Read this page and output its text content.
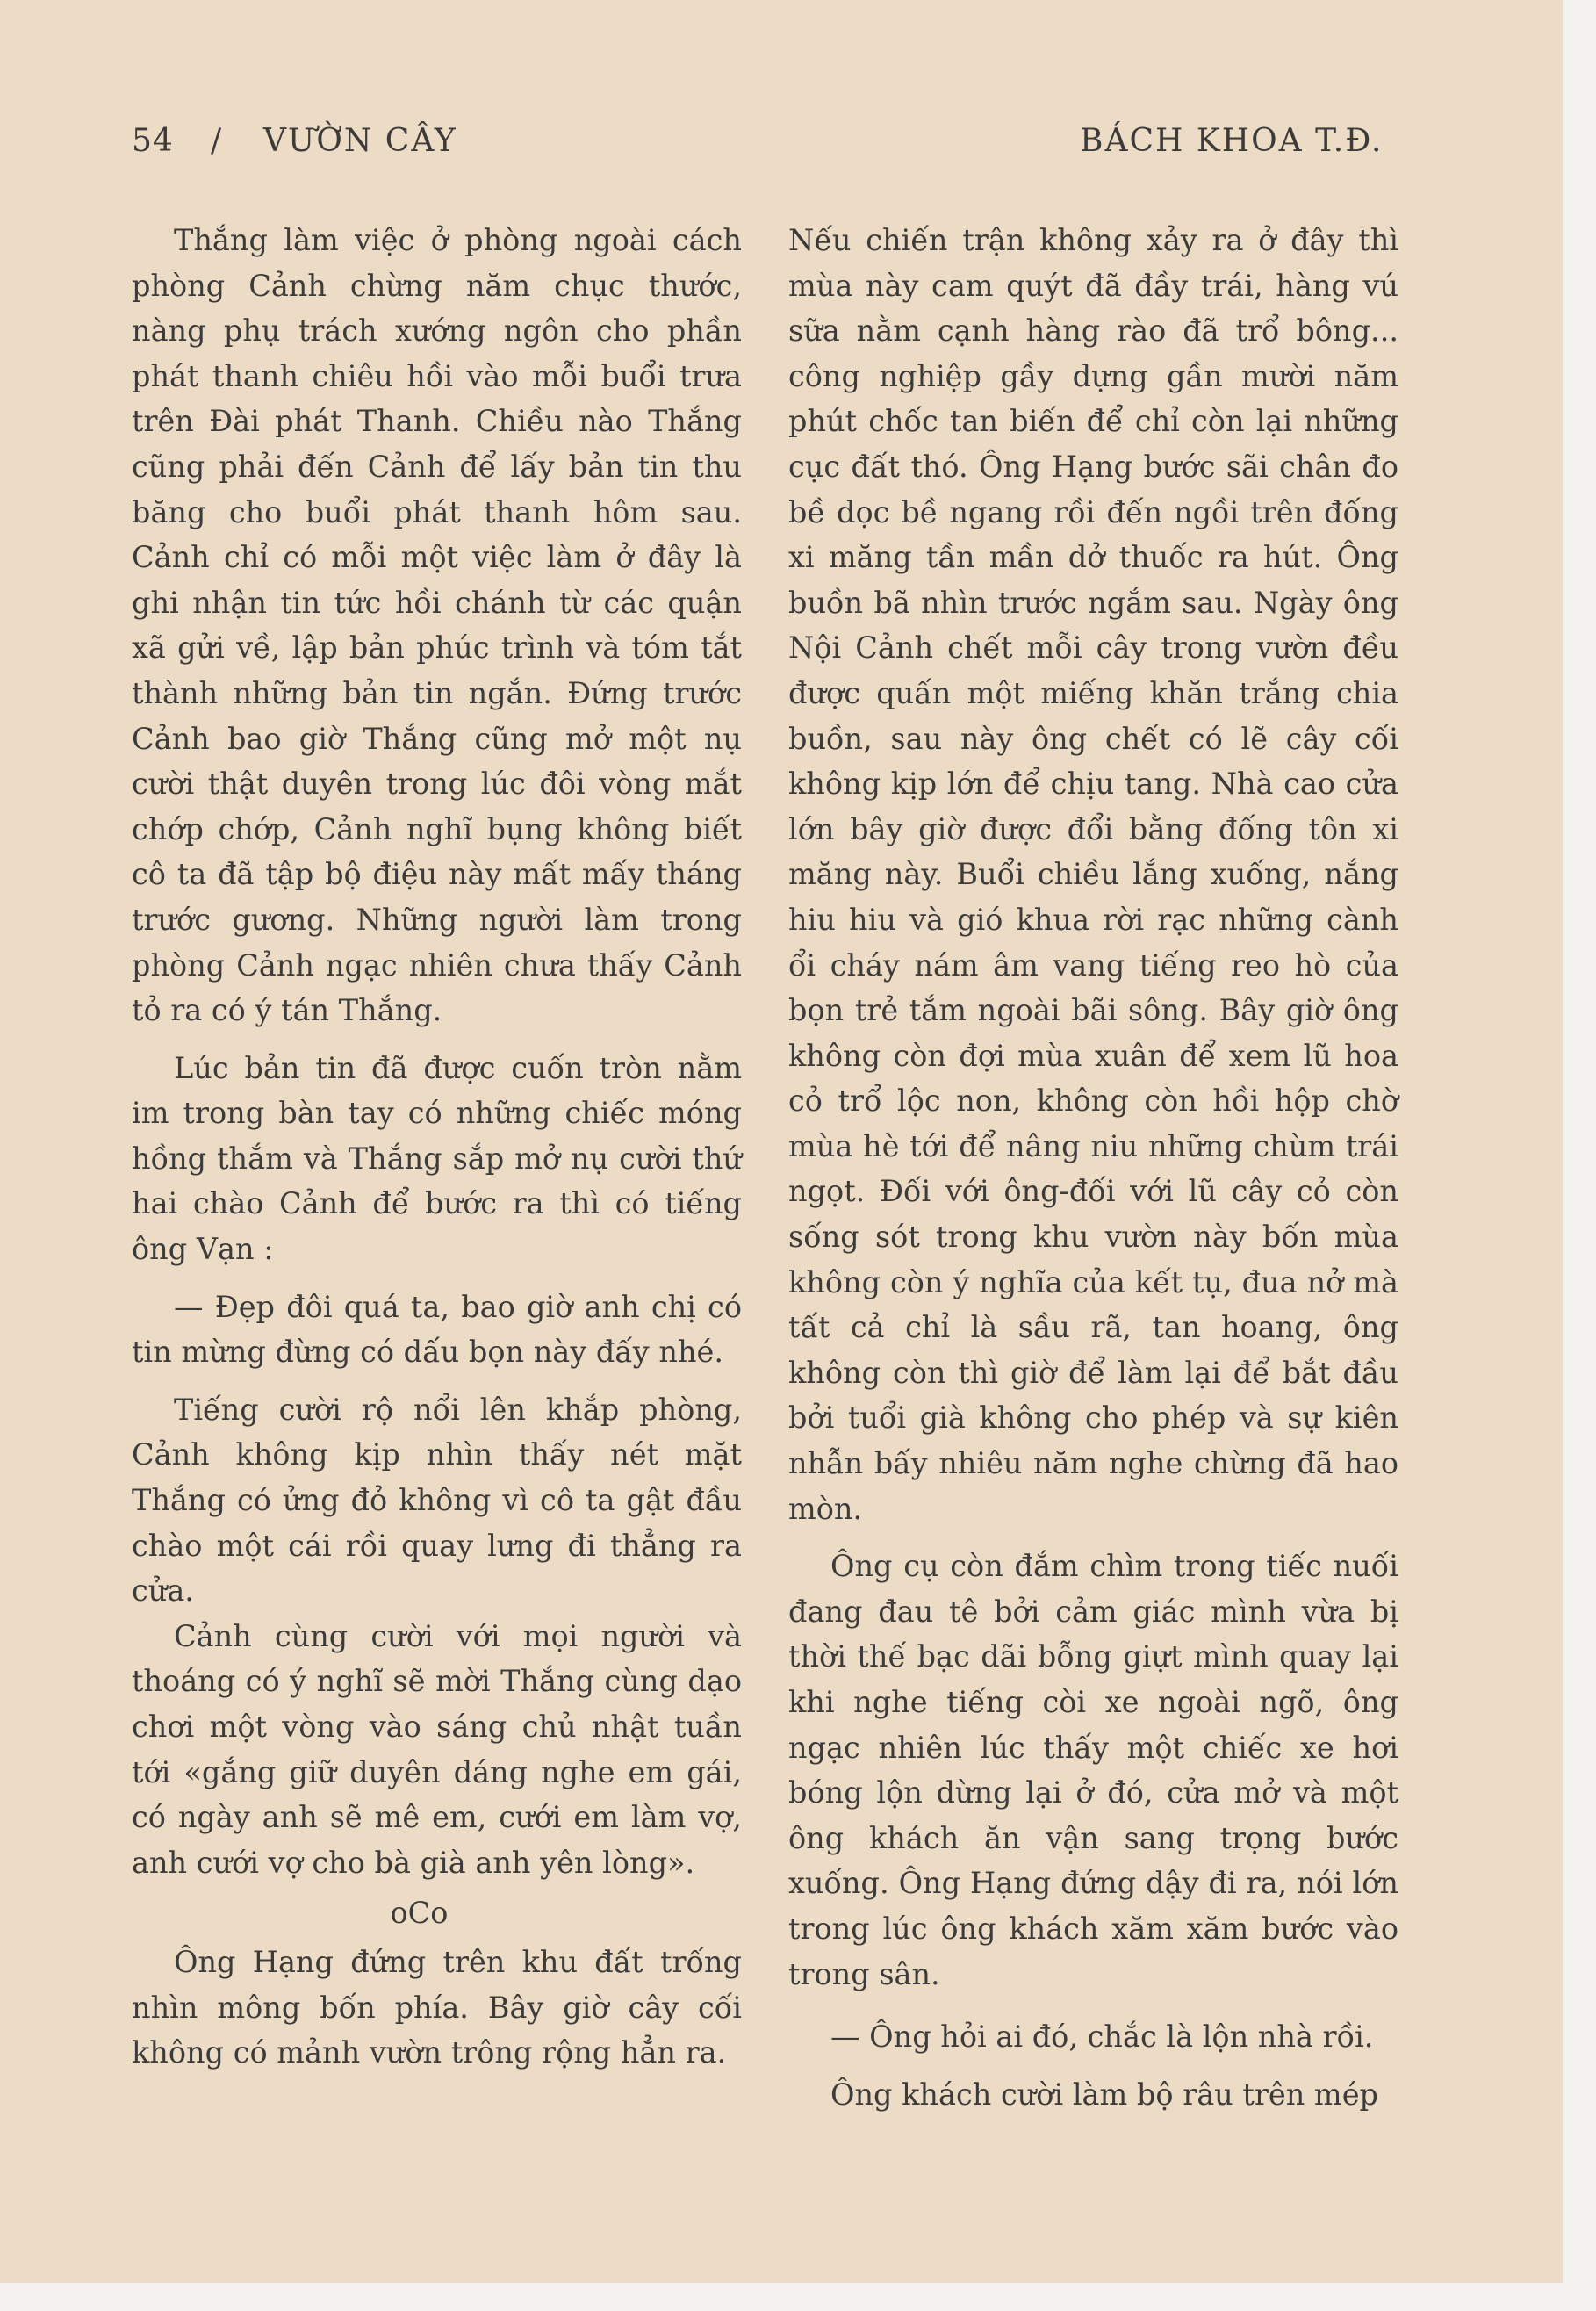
54 / VƯỜN CÂY	BÁCH KHOA T.Đ.

Thắng làm việc ở phòng ngoài cách phòng Cảnh chừng năm chục thước, nàng phụ trách xướng ngôn cho phần phát thanh chiêu hồi vào mỗi buổi trưa trên Đài phát Thanh. Chiều nào Thắng cũng phải đến Cảnh để lấy bản tin thu băng cho buổi phát thanh hôm sau. Cảnh chỉ có mỗi một việc làm ở đây là ghi nhận tin tức hồi chánh từ các quận xã gửi về, lập bản phúc trình và tóm tắt thành những bản tin ngắn. Đứng trước Cảnh bao giờ Thắng cũng mở một nụ cười thật duyên trong lúc đôi vòng mắt chớp chớp, Cảnh nghĩ bụng không biết cô ta đã tập bộ điệu này mất mấy tháng trước gương. Những người làm trong phòng Cảnh ngạc nhiên chưa thấy Cảnh tỏ ra có ý tán Thắng.

Lúc bản tin đã được cuốn tròn nằm im trong bàn tay có những chiếc móng hồng thắm và Thắng sắp mở nụ cười thứ hai chào Cảnh để bước ra thì có tiếng ông Vạn :

— Đẹp đôi quá ta, bao giờ anh chị có tin mừng đừng có dấu bọn này đấy nhé.

Tiếng cười rộ nổi lên khắp phòng, Cảnh không kịp nhìn thấy nét mặt Thắng có ửng đỏ không vì cô ta gật đầu chào một cái rồi quay lưng đi thẳng ra cửa.

Cảnh cùng cười với mọi người và thoáng có ý nghĩ sẽ mời Thắng cùng dạo chơi một vòng vào sáng chủ nhật tuần tới «gắng giữ duyên dáng nghe em gái, có ngày anh sẽ mê em, cưới em làm vợ, anh cưới vợ cho bà già anh yên lòng».

oCo

Ông Hạng đứng trên khu đất trống nhìn mông bốn phía. Bây giờ cây cối không có mảnh vườn trông rộng hẳn ra.

Nếu chiến trận không xảy ra ở đây thì mùa này cam quýt đã đầy trái, hàng vú sữa nằm cạnh hàng rào đã trổ bông... công nghiệp gầy dựng gần mười năm phút chốc tan biến để chỉ còn lại những cục đất thó. Ông Hạng bước sãi chân đo bề dọc bề ngang rồi đến ngồi trên đống xi măng tần mần dở thuốc ra hút. Ông buồn bã nhìn trước ngắm sau. Ngày ông Nội Cảnh chết mỗi cây trong vườn đều được quấn một miếng khăn trắng chia buồn, sau này ông chết có lẽ cây cối không kịp lớn để chịu tang. Nhà cao cửa lớn bây giờ được đổi bằng đống tôn xi măng này. Buổi chiều lắng xuống, nắng hiu hiu và gió khua rời rạc những cành ổi cháy nám âm vang tiếng reo hò của bọn trẻ tắm ngoài bãi sông. Bây giờ ông không còn đợi mùa xuân để xem lũ hoa cỏ trổ lộc non, không còn hồi hộp chờ mùa hè tới để nâng niu những chùm trái ngọt. Đối với ông-đối với lũ cây cỏ còn sống sót trong khu vườn này bốn mùa không còn ý nghĩa của kết tụ, đua nở mà tất cả chỉ là sầu rã, tan hoang, ông không còn thì giờ để làm lại để bắt đầu bởi tuổi già không cho phép và sự kiên nhẫn bấy nhiêu năm nghe chừng đã hao mòn.

Ông cụ còn đắm chìm trong tiếc nuối đang đau tê bởi cảm giác mình vừa bị thời thế bạc dãi bỗng giựt mình quay lại khi nghe tiếng còi xe ngoài ngõ, ông ngạc nhiên lúc thấy một chiếc xe hơi bóng lộn dừng lại ở đó, cửa mở và một ông khách ăn vận sang trọng bước xuống. Ông Hạng đứng dậy đi ra, nói lớn trong lúc ông khách xăm xăm bước vào trong sân.

— Ông hỏi ai đó, chắc là lộn nhà rồi.

Ông khách cười làm bộ râu trên mép
